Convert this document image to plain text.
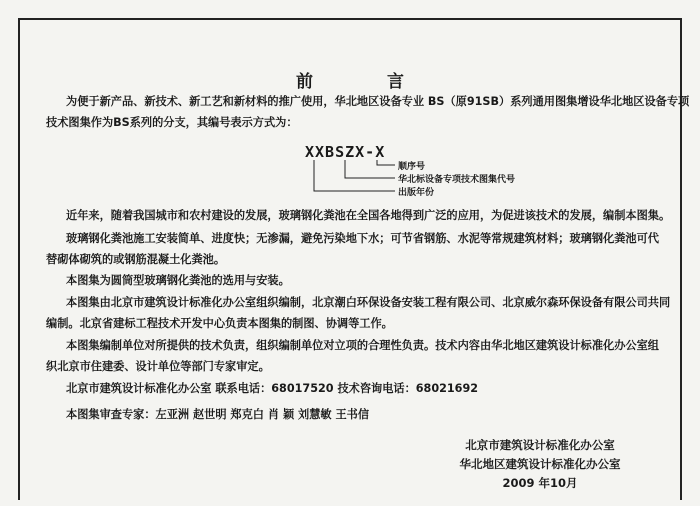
前 言

为便于新产品、新技术、新工艺和新材料的推广使用，华北地区设备专业 BS（原91SB）系列通用图集增设华北地区设备专项

技术图集作为BS系列的分支，其编号表示方式为：

XXBSZX-X
顺序号
华北标设备专项技术图集代号
出版年份

近年来，随着我国城市和农村建设的发展，玻璃钢化粪池在全国各地得到广泛的应用，为促进该技术的发展，编制本图集。

玻璃钢化粪池施工安装简单、进度快；无渗漏，避免污染地下水；可节省钢筋、水泥等常规建筑材料；玻璃钢化粪池可代

替砌体砌筑的或钢筋混凝土化粪池。

本图集为圆筒型玻璃钢化粪池的选用与安装。

本图集由北京市建筑设计标准化办公室组织编制，北京潮白环保设备安装工程有限公司、北京威尔森环保设备有限公司共同

编制。北京省建标工程技术开发中心负责本图集的制图、协调等工作。

本图集编制单位对所提供的技术负责，组织编制单位对立项的合理性负责。技术内容由华北地区建筑设计标准化办公室组

织北京市住建委、设计单位等部门专家审定。

北京市建筑设计标准化办公室 联系电话：68017520 技术咨询电话：68021692

本图集审查专家：左亚洲 赵世明 郑克白 肖 颖 刘慧敏 王书信

北京市建筑设计标准化办公室
华北地区建筑设计标准化办公室
2009 年10月
